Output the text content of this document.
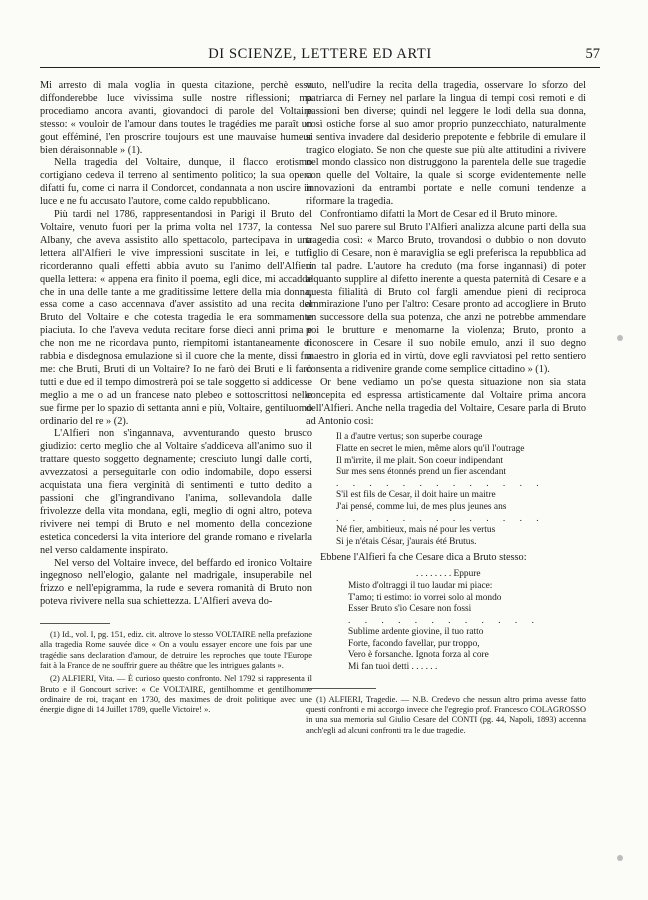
DI SCIENZE, LETTERE ED ARTI	57

Mi arresto di mala voglia in questa citazione, perchè essa diffonderebbe luce vivissima sulle nostre riflessioni; ma procediamo ancora avanti, giovandoci di parole del Voltaire stesso: « vouloir de l'amour dans toutes le tragédies me paraît un gout efféminé, l'en proscrire toujours est une mauvaise humeur bien déraisonnable » (1).

Nella tragedia del Voltaire, dunque, il flacco erotismo cortigiano cedeva il terreno al sentimento politico; la sua opera difatti fu, come ci narra il Condorcet, condannata a non uscire in luce e ne fu accusato l'autore, come caldo repubblicano.

Più tardi nel 1786, rappresentandosi in Parigi il Bruto del Voltaire, venuto fuori per la prima volta nel 1737, la contessa Albany, che aveva assistito allo spettacolo, partecipava in una lettera all'Alfieri le vive impressioni suscitate in lei, e tutti ricorderanno quali effetti abbia avuto su l'animo dell'Alfieri quella lettera: « appena era finito il poema, egli dice, mi accadde che in una delle tante a me graditissime lettere della mia donna, essa come a caso accennava d'aver assistito ad una recita del Bruto del Voltaire e che cotesta tragedia le era sommamente piaciuta. Io che l'aveva veduta recitare forse dieci anni prima e che non me ne ricordava punto, riempitomi istantaneamente di rabbia e disdegnosa emulazione sì il cuore che la mente, dissi fra me: che Bruti, Bruti di un Voltaire? Io ne farò dei Bruti e li farò tutti e due ed il tempo dimostrerà poi se tale soggetto si addicesse meglio a me o ad un francese nato plebeo e sottoscrittosi nelle sue firme per lo spazio di settanta anni e più, Voltaire, gentiluomo ordinario del re » (2).

L'Alfieri non s'ingannava, avventurando questo brusco giudizio: certo meglio che al Voltaire s'addiceva all'animo suo il trattare questo soggetto degnamente; cresciuto lungi dalle corti, avvezzatosi a perseguitarle con odio indomabile, dopo essersi acquistata una fiera verginità di sentimenti e tutto dedito a passioni che gl'ingrandivano l'anima, sollevandola dalle frivolezze della vita mondana, egli, meglio di ogni altro, poteva rivivere nei tempi di Bruto e nel momento della concezione estetica concedersi la vita interiore del grande romano e rivelarla nel verso caldamente inspirato.

Nel verso del Voltaire invece, del beffardo ed ironico Voltaire ingegnoso nell'elogio, galante nel madrigale, insuperabile nel frizzo e nell'epigramma, la rude e severa romanità di Bruto non poteva rivivere nella sua schiettezza. L'Alfieri aveva do-

(1) Id., vol. I, pg. 151, ediz. cit. altrove lo stesso VOLTAIRE nella prefazione alla tragedia Rome sauvée dice « On a voulu essayer encore une fois par une tragédie sans declaration d'amour, de detruire les reproches que toute l'Europe fait à la France de ne souffrir guere au théâtre que les intrigues galants ».

(2) ALFIERI, Vita. — È curioso questo confronto. Nel 1792 si rappresenta il Bruto e il Goncourt scrive: « Ce VOLTAIRE, gentilhomme et gentilhomme ordinaire de roi, traçant en 1730, des maximes de droit politique avec une énergie digne di 14 Juillet 1789, quelle Victoire! ».

vuto, nell'udire la recita della tragedia, osservare lo sforzo del patriarca di Ferney nel parlare la lingua di tempi così remoti e di passioni ben diverse; quindi nel leggere le lodi della sua donna, così ostiche forse al suo amor proprio punzecchiato, naturalmente si sentiva invadere dal desiderio prepotente e febbrile di emulare il tragico elogiato. Se non che queste sue più alte attitudini a rivivere nel mondo classico non distruggono la parentela delle sue tragedie con quelle del Voltaire, la quale si scorge evidentemente nelle innovazioni da entrambi portate e nelle comuni tendenze a riformare la tragedia.

Confrontiamo difatti la Mort de Cesar ed il Bruto minore.

Nel suo parere sul Bruto l'Alfieri analizza alcune parti della sua tragedia così: « Marco Bruto, trovandosi o dubbio o non dovuto figlio di Cesare, non è maraviglia se egli preferisca la repubblica ad un tal padre. L'autore ha creduto (ma forse ingannasi) di poter alquanto supplire al difetto inerente a questa paternità di Cesare e a questa filialità di Bruto col fargli amendue pieni di reciproca ammirazione l'uno per l'altro: Cesare pronto ad accogliere in Bruto un successore della sua potenza, che anzi ne potrebbe ammendare poi le brutture e menomarne la violenza; Bruto, pronto a riconoscere in Cesare il suo nobile emulo, anzi il suo degno maestro in gloria ed in virtù, dove egli ravviatosi pel retto sentiero consenta a ridivenire grande come semplice cittadino » (1).

Or bene vediamo un po'se questa situazione non sia stata concepita ed espressa artisticamente dal Voltaire prima ancora dell'Alfieri. Anche nella tragedia del Voltaire, Cesare parla di Bruto ad Antonio così:

Il a d'autre vertus; son superbe courage
Flatte en secret le mien, même alors qu'il l'outrage
Il m'irrite, il me plait. Son coeur indipendant
Sur mes sens étonnés prend un fier ascendant
. . . . . . . . . . . . .
S'il est fils de Cesar, il doit haire un maitre
J'ai pensé, comme lui, de mes plus jeunes ans
. . . . . . . . . . . . .
Né fier, ambitieux, mais né pour les vertus
Si je n'étais César, j'aurais été Brutus.

Ebbene l'Alfieri fa che Cesare dica a Bruto stesso:

. . . . . . . . Eppure
Misto d'oltraggi il tuo laudar mi piace:
T'amo; ti estimo: io vorrei solo al mondo
Esser Bruto s'io Cesare non fossi
. . . . . . . . . . . .
Sublime ardente giovine, il tuo ratto
Forte, facondo favellar, pur troppo,
Vero è forsanche. Ignota forza al core
Mi fan tuoi detti . . . . . .

(1) ALFIERI, Tragedie. — N.B. Credevo che nessun altro prima avesse fatto questi confronti e mi accorgo invece che l'egregio prof. Francesco COLAGROSSO in una sua memoria sul Giulio Cesare del CONTI (pg. 44, Napoli, 1893) accenna anch'egli ad alcuni confronti tra le due tragedie.
